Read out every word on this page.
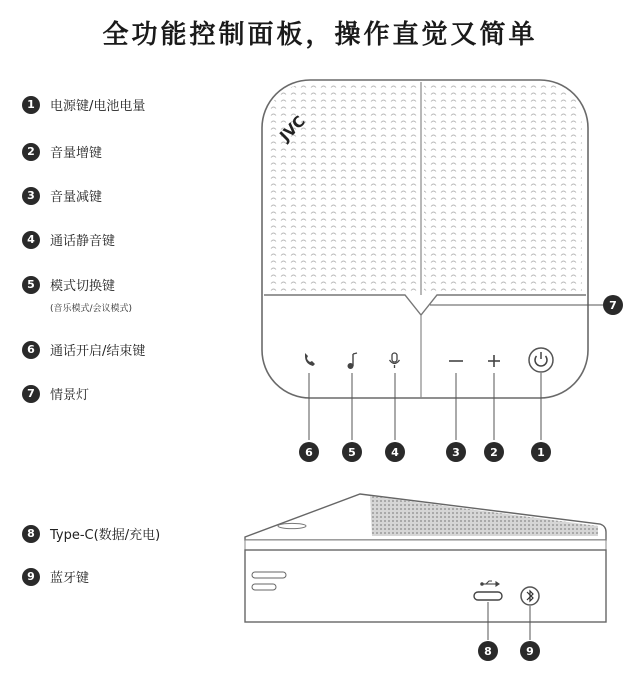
全功能控制面板，操作直觉又简单
1	电源键/电池电量
2	音量增键
3	音量减键
4	通话静音键
5	模式切换键
(音乐模式/会议模式)
6	通话开启/结束键
7	情景灯
8	Type-C(数据/充电)
9	蓝牙键
JVC
6	5	4	3	2	1
7
8	9
